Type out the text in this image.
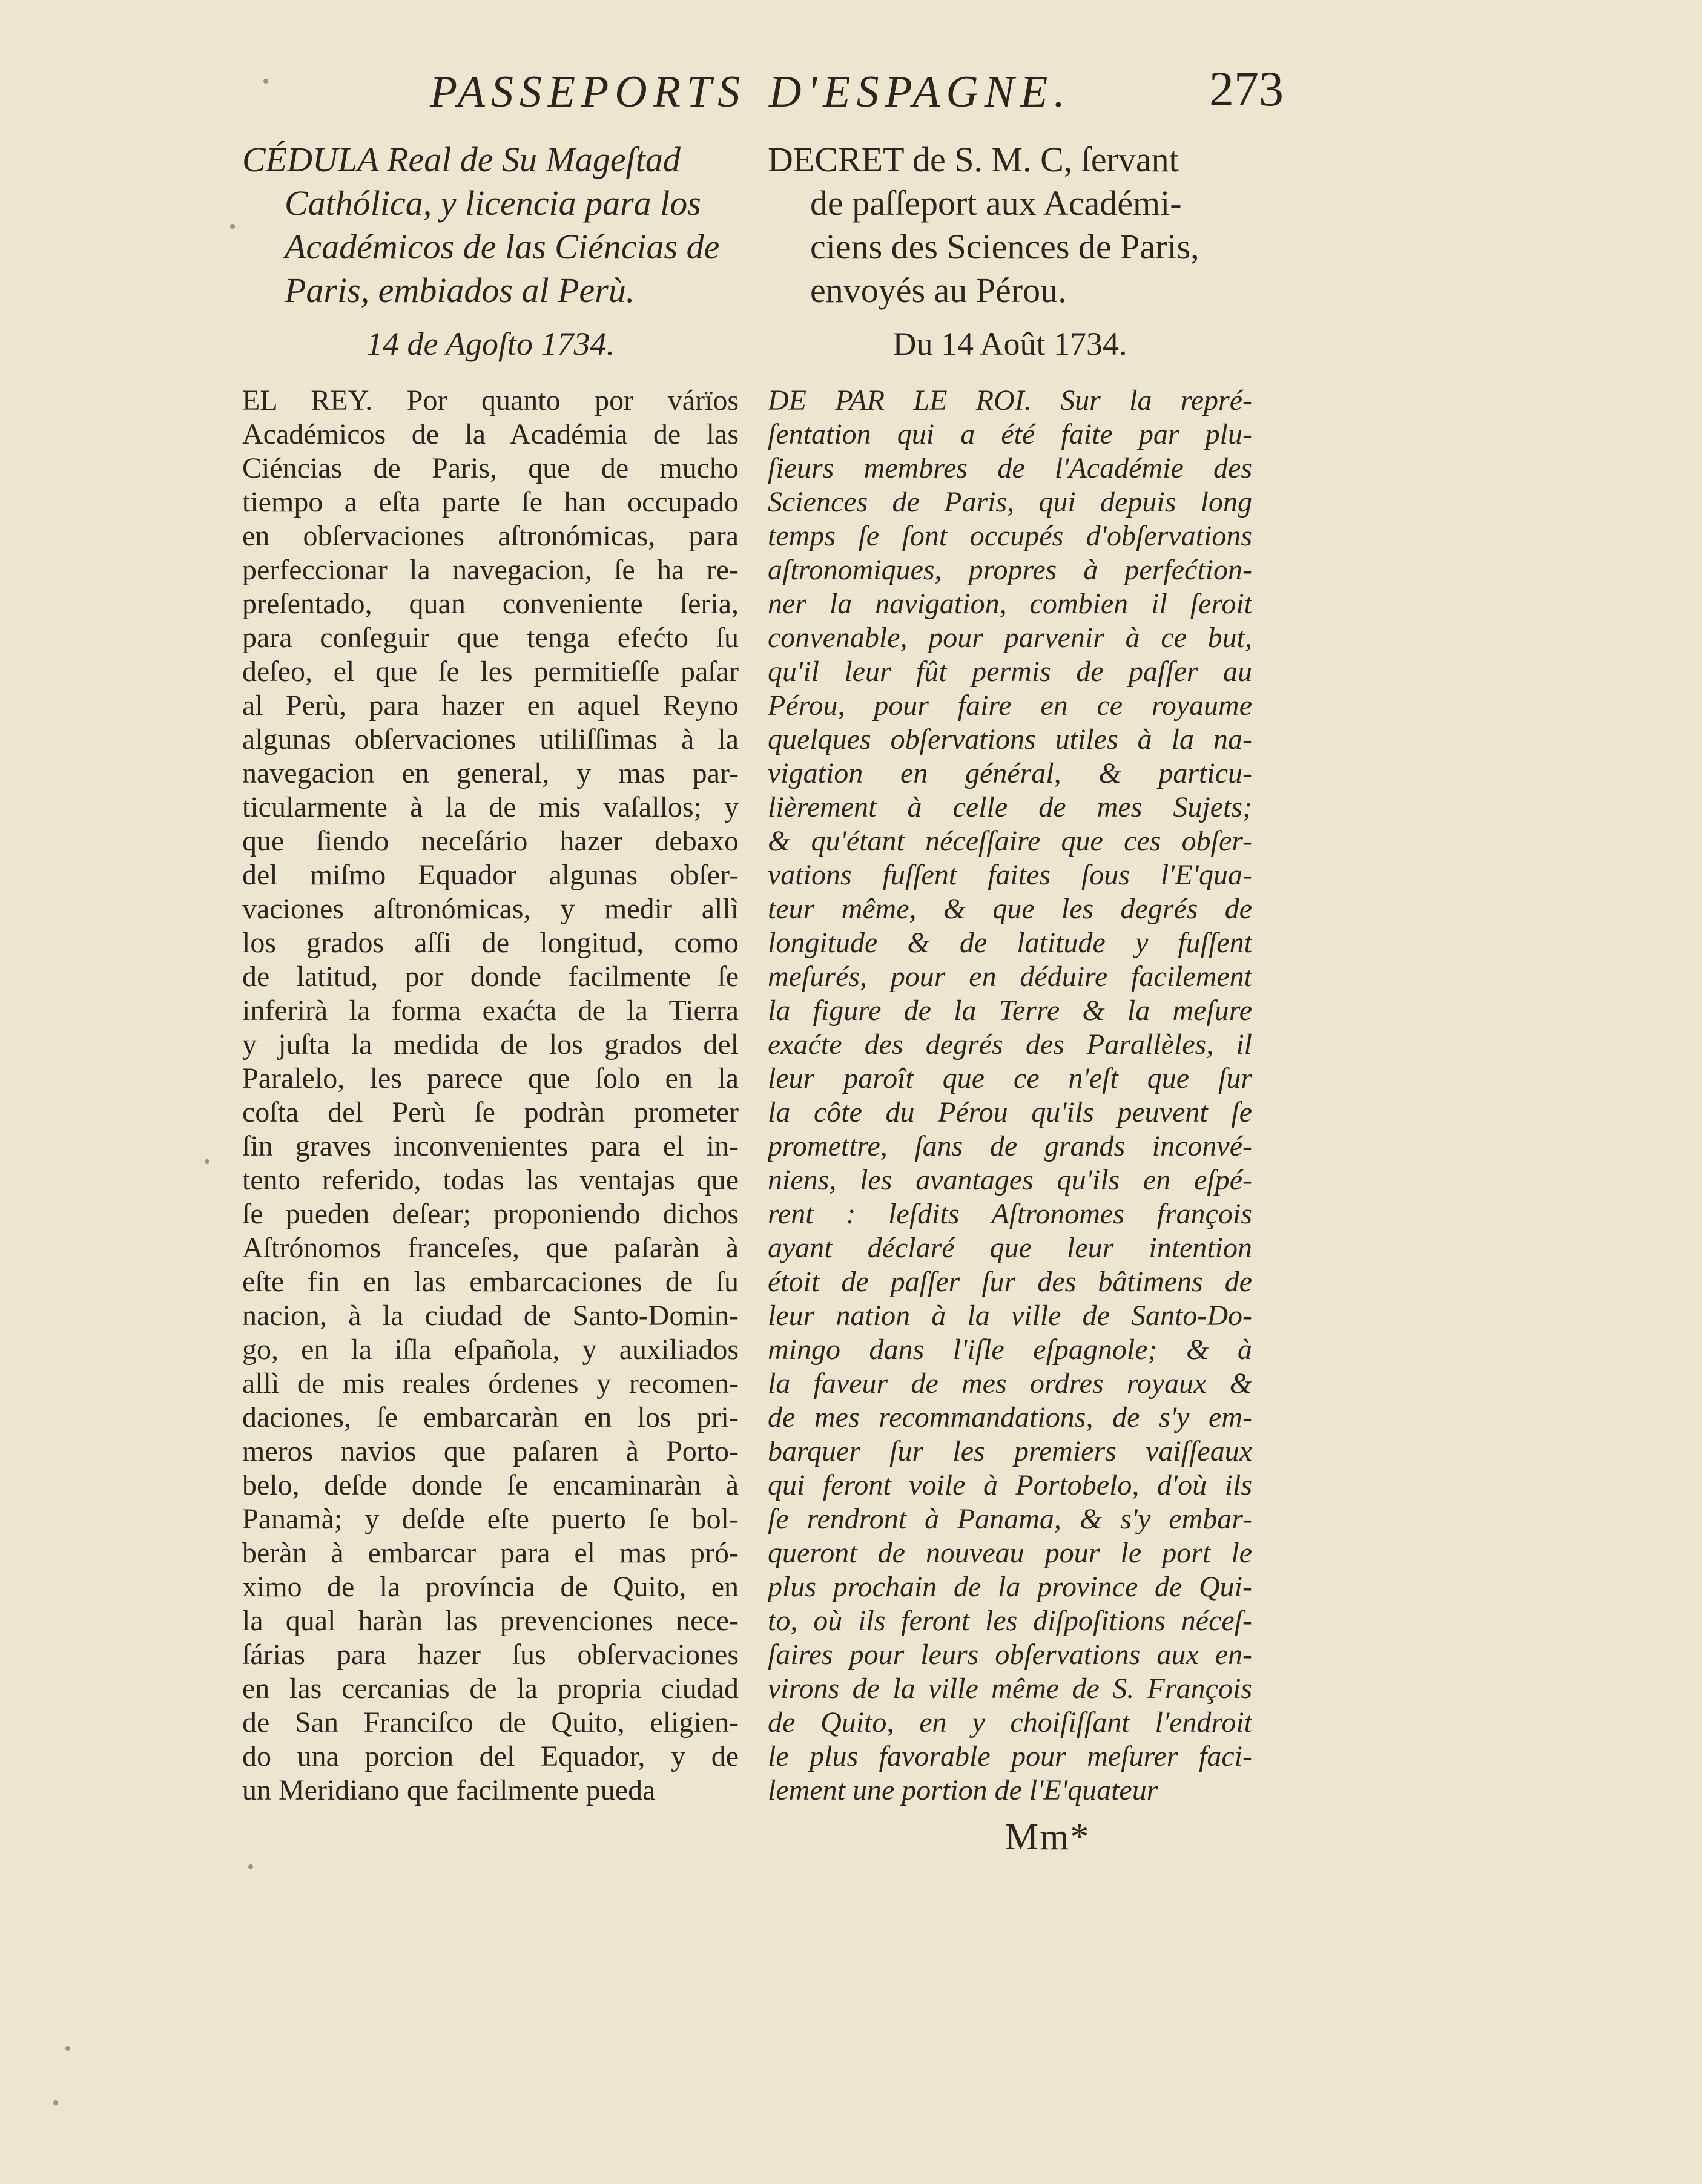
PASSEPORTS D'ESPAGNE.	273
CÉDULA Real de Su Mageſtad
Cathólica, y licencia para los
Académicos de las Ciéncias de
Paris, embiados al Perù.
14 de Agoſto 1734.
EL REY. Por quanto por várïos
Académicos de la Académia de las
Ciéncias de Paris, que de mucho
tiempo a eſta parte ſe han occupado
en obſervaciones aſtronómicas, para
perfeccionar la navegacion, ſe ha re-
preſentado, quan conveniente ſeria,
para conſeguir que tenga efećto ſu
deſeo, el que ſe les permitieſſe paſar
al Perù, para hazer en aquel Reyno
algunas obſervaciones utiliſſimas à la
navegacion en general, y mas par-
ticularmente à la de mis vaſallos; y
que ſiendo neceſário hazer debaxo
del miſmo Equador algunas obſer-
vaciones aſtronómicas, y medir allì
los grados aſſi de longitud, como
de latitud, por donde facilmente ſe
inferirà la forma exaćta de la Tierra
y juſta la medida de los grados del
Paralelo, les parece que ſolo en la
coſta del Perù ſe podràn prometer
ſin graves inconvenientes para el in-
tento referido, todas las ventajas que
ſe pueden deſear; proponiendo dichos
Aſtrónomos franceſes, que paſaràn à
eſte fin en las embarcaciones de ſu
nacion, à la ciudad de Santo-Domin-
go, en la iſla eſpañola, y auxiliados
allì de mis reales órdenes y recomen-
daciones, ſe embarcaràn en los pri-
meros navios que paſaren à Porto-
belo, deſde donde ſe encaminaràn à
Panamà; y deſde eſte puerto ſe bol-
beràn à embarcar para el mas pró-
ximo de la província de Quito, en
la qual haràn las prevenciones nece-
ſárias para hazer ſus obſervaciones
en las cercanias de la propria ciudad
de San Franciſco de Quito, eligien-
do una porcion del Equador, y de
un Meridiano que facilmente pueda
DECRET de S. M. C, ſervant
de paſſeport aux Académi-
ciens des Sciences de Paris,
envoyés au Pérou.
Du 14 Août 1734.
DE PAR LE ROI. Sur la repré-
ſentation qui a été faite par plu-
ſieurs membres de l'Académie des
Sciences de Paris, qui depuis long
temps ſe ſont occupés d'obſervations
aſtronomiques, propres à perfećtion-
ner la navigation, combien il ſeroit
convenable, pour parvenir à ce but,
qu'il leur fût permis de paſſer au
Pérou, pour faire en ce royaume
quelques obſervations utiles à la na-
vigation en général, & particu-
lièrement à celle de mes Sujets;
& qu'étant néceſſaire que ces obſer-
vations fuſſent faites ſous l'E'qua-
teur même, & que les degrés de
longitude & de latitude y fuſſent
meſurés, pour en déduire facilement
la figure de la Terre & la meſure
exaćte des degrés des Parallèles, il
leur paroît que ce n'eſt que ſur
la côte du Pérou qu'ils peuvent ſe
promettre, ſans de grands inconvé-
niens, les avantages qu'ils en eſpé-
rent : leſdits Aſtronomes françois
ayant déclaré que leur intention
étoit de paſſer ſur des bâtimens de
leur nation à la ville de Santo-Do-
mingo dans l'iſle eſpagnole; & à
la faveur de mes ordres royaux &
de mes recommandations, de s'y em-
barquer ſur les premiers vaiſſeaux
qui feront voile à Portobelo, d'où ils
ſe rendront à Panama, & s'y embar-
queront de nouveau pour le port le
plus prochain de la province de Qui-
to, où ils feront les diſpoſitions néceſ-
ſaires pour leurs obſervations aux en-
virons de la ville même de S. François
de Quito, en y choiſiſſant l'endroit
le plus favorable pour meſurer faci-
lement une portion de l'E'quateur
Mm*
